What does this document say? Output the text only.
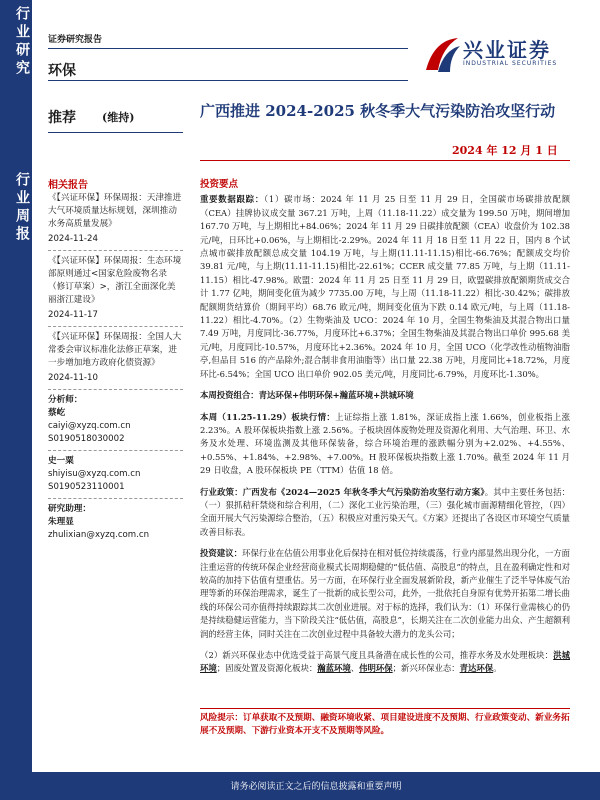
行业研究
行业周报
证券研究报告
环保
兴业证券
INDUSTRIAL SECURITIES
推荐 (维持)	广西推进 2024-2025 秋冬季大气污染防治攻坚行动
2024 年 12 月 1 日
相关报告
《【兴证环保】环保周报：天津推进大气环境质量达标规划，深圳推动水务高质量发展》
2024-11-24
《【兴证环保】环保周报：生态环境部原则通过<国家危险废物名录（修订草案）>，浙江全面深化美丽浙江建设》
2024-11-17
《【兴证环保】环保周报：全国人大常委会审议标准化法修正草案，进一步增加地方政府化债资源》
2024-11-10
分析师：
蔡屹
caiyi@xyzq.com.cn
S0190518030002
史一粟
shiyisu@xyzq.com.cn
S0190523110001
研究助理：
朱理显
zhulixian@xyzq.com.cn
投资要点
重要数据跟踪：（1）碳市场：2024 年 11 月 25 日至 11 月 29 日，全国碳市场碳排放配额（CEA）挂牌协议成交量 367.21 万吨，上周（11.18-11.22）成交量为 199.50 万吨，期间增加 167.70 万吨，与上期相比+84.06%；2024 年 11 月 29 日碳排放配额（CEA）收盘价为 102.38 元/吨，日环比+0.06%，与上期相比-2.29%。2024 年 11 月 18 日至 11 月 22 日，国内 8 个试点城市碳排放配额总成交量 104.19 万吨，与上期(11.11-11.15)相比-66.76%；配额成交均价 39.81 元/吨，与上期(11.11-11.15)相比-22.61%；CCER 成交量 77.85 万吨，与上期（11.11-11.15）相比-47.98%。欧盟：2024 年 11 月 25 日至 11 月 29 日，欧盟碳排放配额期货成交合计 1.77 亿吨，期间变化值为减少 7735.00 万吨，与上周（11.18-11.22）相比-30.42%；碳排放配额期货结算价（期间平均）68.76 欧元/吨，期间变化值为下跌 0.14 欧元/吨，与上周（11.18-11.22）相比-4.70%。（2）生物柴油及 UCO：2024 年 10 月，全国生物柴油及其混合物出口量 7.49 万吨，月度同比-36.77%，月度环比+6.37%；全国生物柴油及其混合物出口单价 995.68 美元/吨，月度同比-10.57%，月度环比+2.36%。2024 年 10 月，全国 UCO（化学改性动植物油脂亭,但品目 516 的产品除外;混合制非食用油脂等）出口量 22.38 万吨，月度同比+18.72%，月度环比-6.54%；全国 UCO 出口单价 902.05 美元/吨，月度同比-6.79%，月度环比-1.30%。
本周投资组合：青达环保+伟明环保+瀚蓝环境+洪城环境
本周（11.25-11.29）板块行情：上证综指上涨 1.81%，深证成指上涨 1.66%，创业板指上涨 2.23%。A 股环保板块指数上涨 2.56%。子板块固体废物处理及资源化利用、大气治理、环卫、水务及水处理、环境监测及其他环保装备，综合环境治理的涨跌幅分别为+2.02%、+4.55%、+0.55%、+1.84%、+2.98%、+7.00%。H 股环保板块指数上涨 1.70%。截至 2024 年 11 月 29 日收盘，A 股环保板块 PE（TTM）估值 18 倍。
行业政策：广西发布《2024—2025 年秋冬季大气污染防治攻坚行动方案》。其中主要任务包括：（一）狠抓秸秆禁烧和综合利用，（二）深化工业污染治理，（三）强化城市面源精细化管控，（四）全面开展大气污染源综合整治，（五）积极应对重污染天气。《方案》还提出了各设区市环境空气质量改善目标表。
投资建议：环保行业在估值公用事业化后保持在相对低位持续震荡，行业内部显然出现分化，一方面注重运营的传统环保企业经营商业模式长周期稳健的“低估值、高股息”的特点，且在盈利确定性和对较高的加持下估值有望重估。另一方面，在环保行业全面发展新阶段，新产业催生了泛半导体废气治理等新的环保治理需求，诞生了一批新的成长型公司，此外，一批依托自身原有优势开拓第二增长曲线的环保公司亦值得持续跟踪其二次创业进展。对于标的选择，我们认为：（1）环保行业需核心的仍是持续稳健运营能力，当下阶段关注“低估值，高股息”，长期关注在二次创业能力出众、产生超额利润的经营主体，同时关注在二次创业过程中具备较大潜力的龙头公司；
（2）新兴环保业态中优选受益于高景气度且具备潜在成长性的公司，推荐水务及水处理板块：洪城环境；固废处置及资源化板块：瀚蓝环境、伟明环保；新兴环保业态：青达环保。
风险提示：订单获取不及预期、融资环境收紧、项目建设进度不及预期、行业政策变动、新业务拓展不及预期、下游行业资本开支不及预期等风险。
请务必阅读正文之后的信息披露和重要声明
